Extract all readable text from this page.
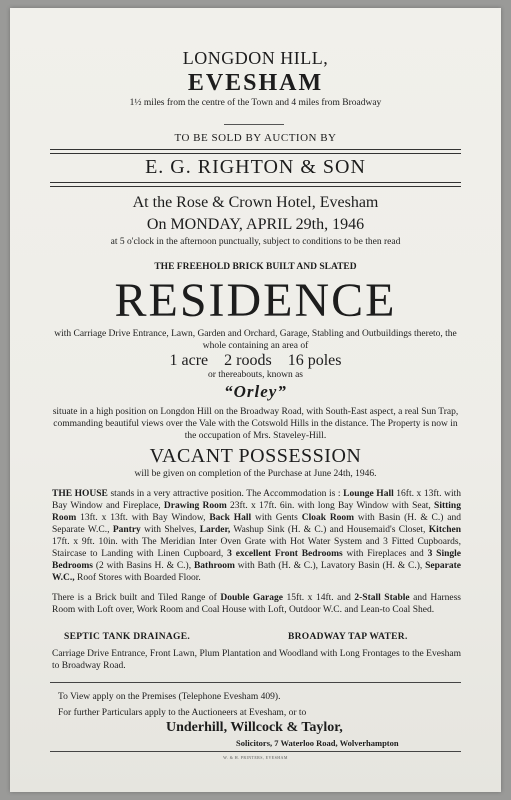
LONGDON HILL,
EVESHAM
1½ miles from the centre of the Town and 4 miles from Broadway
TO BE SOLD BY AUCTION BY
E. G. RIGHTON & SON
At the Rose & Crown Hotel, Evesham
On MONDAY, APRIL 29th, 1946
at 5 o'clock in the afternoon punctually, subject to conditions to be then read
THE FREEHOLD BRICK BUILT AND SLATED
RESIDENCE
with Carriage Drive Entrance, Lawn, Garden and Orchard, Garage, Stabling and Outbuildings thereto, the whole containing an area of
1 acre    2 roods    16 poles
or thereabouts, known as
“Orley”
situate in a high position on Longdon Hill on the Broadway Road, with South-East aspect, a real Sun Trap, commanding beautiful views over the Vale with the Cotswold Hills in the distance. The Property is now in the occupation of Mrs. Staveley-Hill.
VACANT POSSESSION
will be given on completion of the Purchase at June 24th, 1946.
THE HOUSE stands in a very attractive position. The Accommodation is : Lounge Hall 16ft. x 13ft. with Bay Window and Fireplace, Drawing Room 23ft. x 17ft. 6in. with long Bay Window with Seat, Sitting Room 13ft. x 13ft. with Bay Window, Back Hall with Gents Cloak Room with Basin (H. & C.) and Separate W.C., Pantry with Shelves, Larder, Washup Sink (H. & C.) and Housemaid's Closet, Kitchen 17ft. x 9ft. 10in. with The Meridian Inter Oven Grate with Hot Water System and 3 Fitted Cupboards, Staircase to Landing with Linen Cupboard, 3 excellent Front Bedrooms with Fireplaces and 3 Single Bedrooms (2 with Basins H. & C.), Bathroom with Bath (H. & C.), Lavatory Basin (H. & C.), Separate W.C., Roof Stores with Boarded Floor.
There is a Brick built and Tiled Range of Double Garage 15ft. x 14ft. and 2-Stall Stable and Harness Room with Loft over, Work Room and Coal House with Loft, Outdoor W.C. and Lean-to Coal Shed.
SEPTIC TANK DRAINAGE.	BROADWAY TAP WATER.
Carriage Drive Entrance, Front Lawn, Plum Plantation and Woodland with Long Frontages to the Evesham to Broadway Road.
To View apply on the Premises (Telephone Evesham 409).
For further Particulars apply to the Auctioneers at Evesham, or to
Underhill, Willcock & Taylor,
Solicitors, 7 Waterloo Road, Wolverhampton
W. & H. PRINTERS, EVESHAM
